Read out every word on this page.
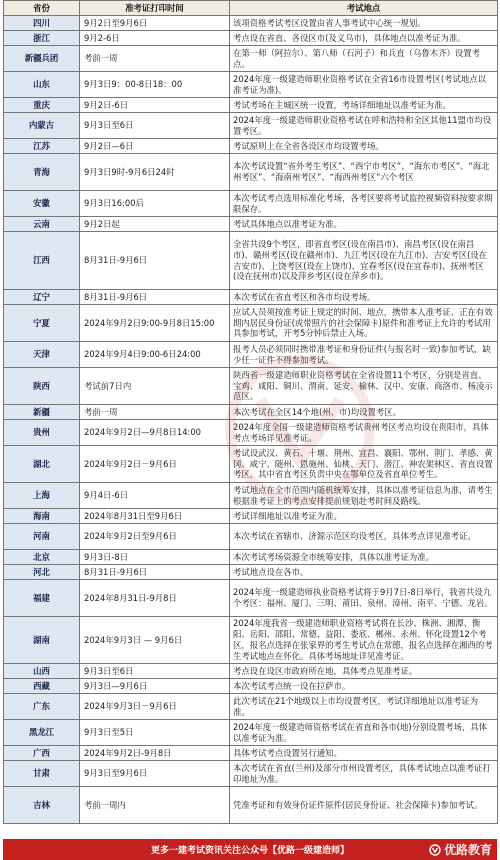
省份	准考证打印时间	考试地点
四川	9月2日至9月6日	该项资格考试考区设置由省人事考试中心统一规划。
浙江	9月2-6日	考点设在省直、各设区市(及义乌市)，具体地点以准考证为准。
新疆兵团	考前一周	在第一师（阿拉尔）、第八师（石河子）和兵直（乌鲁木齐）设置考点。
山东	9月3日9：00-8日18：00	2024年度一级建造师职业资格考试在全省16市设置考区(考试地点以准考证为准)。
重庆	9月2日-6日	考试考场在主城区统一设置，考场详细地址以准考证为准。
内蒙古	9月3日至6日	2024年度一级建造师职业资格考试在呼和浩特和全区其他11盟市均设置考区。
江苏	9月2日—6日	考试原则上在全省各设区市均设置考场。
青海	9月3日9时-9月6日24时	本次考试设置“省外考生考区”、“西宁市考区”、“海东市考区”、“海北州考区”、“海南州考区”、“海西州考区”六个考区
安徽	9月3日16:00后	本次考试考点选用标准化考场，各考区要将考试监控视频资料按要求期限保存。
云南	9月2日起	考试具体地点以准考证为准。
江西	8月31日-9月6日	全省共设9个考区，即省直考区(设在南昌市)、南昌考区(设在南昌市)、赣州考区(设在赣州市)、九江考区(设在九江市)、吉安考区(设在吉安市)、上饶考区(设在上饶市)、宜春考区(设在宜春市)、抚州考区(设在抚州市)以及萍乡考区(设在萍乡市)。
辽宁	8月31日-9月6日	本次考试在省直考区和各市均设考场。
宁夏	2024年9月2日9:00-9月8日15:00	应试人员须按准考证上规定的时间、地点，携带本人准考证、正在有效期内居民身份证(或带照片的社会保障卡)原件和准考证上允许的考试用具参加考试，开考5分钟后禁止入场。
天津	2024年9月4日9:00-6日24:00	报考人员必须同时携带准考证和身份证件(与报名时一致)参加考试，缺少任一证件不得参加考试。
陕西	考试前7日内	陕西省一级建造师职业资格考试在全省设置11个考区，分别是省直、宝鸡、咸阳、铜川、渭南、延安、榆林、汉中、安康、商洛市、杨凌示范区。
新疆	考前一周	本次考试在全区14个地(州、市)均设置考区。
贵州	2024年9月2日—9月8日14:00	2024年度全国一级建造师资格考试贵州考区考点均设在贵阳市，具体考点考场详见准考证。
湖北	2024年9月2日－9月6日	考试设武汉、黄石、十堰、荆州、宜昌、襄阳、鄂州、荆门、孝感、黄冈、咸宁、随州、恩施州、仙桃、天门、潜江、神农架林区、省直设置考区，其中省直考区负责中央在鄂单位及省直单位考生。
上海	9月4日-6日	考试地点在全市范围内随机统筹安排，具体以准考证信息为准，请考生根据准考证上的考点安排提前规划赴考时间及路线。
海南	2024年8月31日至9月6日	考试详细地址以准考证为准。
河南	2024年9月2日至9月6日	本次考试在省辖市、济源示范区均设考区，具体考点详见准考证。
北京	9月3日-8日	本次考试考场资源全市统筹安排，具体以准考证为准。
河北	8月31日-9月6日	考试地点设在各市。
福建	2024年8月31日-9月8日	2024年度一级建造师执业资格考试将于9月7日-8日举行，我省共设九个考区：福州、厦门、三明、莆田、泉州、漳州、南平、宁德、龙岩。
湖南	2024年9月3日 — 9月6日	2024年度我省一级建造师职业资格考试将在长沙、株洲、湘潭、衡阳、岳阳、邵阳、常德、益阳、娄底、郴州、永州、怀化设置12个考区，报名点选择在张家界的考生考试点在常德，报名点选择在湘西的考生考试地点在怀化。具体考场地址详见准考证。
山西	9月3日至6日	考点设在设区市政府所在地，具体考点见准考证。
西藏	9月3日—9月6日	本次考试考点统一设在拉萨市。
广东	2024年9月3日－9月6日	此次考试在21个地级以上市均设置考区，考试详细地址以准考证为准。
黑龙江	9月3日至5日	2024年度一级建造师资格考试在省直和各市(地)分别设置考场，具体以准考证为准。
广西	2024年9月2日-9月8日	具体考试考点设置另行通知。
甘肃	9月3日至9月6日	本次考试在省直(兰州)及部分市州设置考区，具体考试地点以准考证打印地址为准。
吉林	考前一周内	凭准考证和有效身份证件原件(居民身份证、社会保障卡)参加考试。
更多一建考试资讯关注公众号【优路一级建造师】	优路教育
